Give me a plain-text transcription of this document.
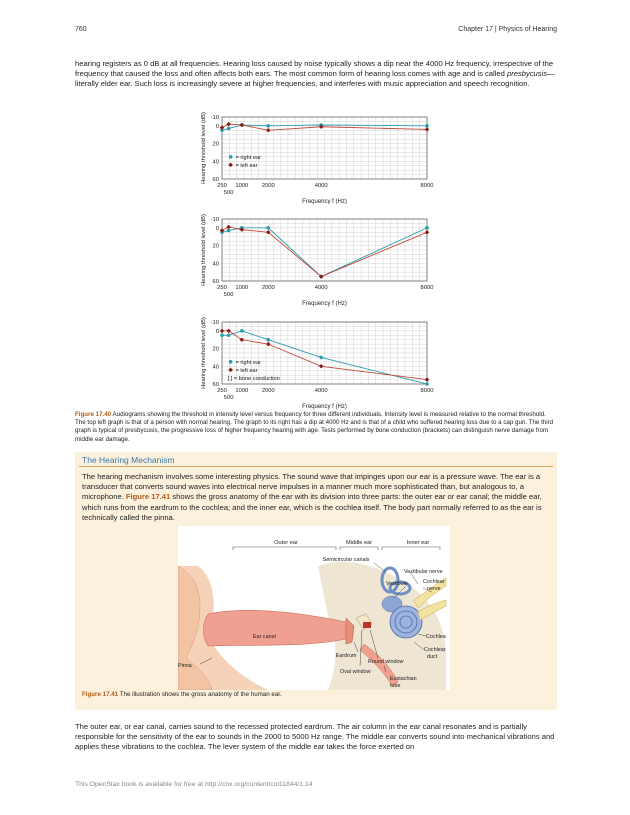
760	Chapter 17 | Physics of Hearing

hearing registers as 0 dB at all frequencies. Hearing loss caused by noise typically shows a dip near the 4000 Hz frequency, irrespective of the frequency that caused the loss and often affects both ears. The most common form of hearing loss comes with age and is called presbycusis—literally elder ear. Such loss is increasingly severe at higher frequencies, and interferes with music appreciation and speech recognition.

-10
0
20
40
60
250
500
1000 2000	4000	8000
Frequency f (Hz)
Hearing threshold level (dB)	= right ear
= left ear
-10
0
20
40
60
250
500
1000 2000	4000	8000
Frequency f (Hz)
Hearing threshold level (dB)
-10
0
20
40
60
250
500
1000 2000	4000	8000
Frequency f (Hz)
Hearing threshold level (dB)	= right ear
= left ear
[ ] = bone conduction
Figure 17.40 Audiograms showing the threshold in intensity level versus frequency for three different individuals. Intensity level is measured relative to the normal threshold. The top left graph is that of a person with normal hearing. The graph to its right has a dip at 4000 Hz and is that of a child who suffered hearing loss due to a cap gun. The third graph is typical of presbycusis, the progressive loss of higher frequency hearing with age. Tests performed by bone conduction (brackets) can distinguish nerve damage from middle ear damage.
The Hearing Mechanism

The hearing mechanism involves some interesting physics. The sound wave that impinges upon our ear is a pressure wave. The ear is a transducer that converts sound waves into electrical nerve impulses in a manner much more sophisticated than, but analogous to, a microphone. Figure 17.41 shows the gross anatomy of the ear with its division into three parts: the outer ear or ear canal; the middle ear, which runs from the eardrum to the cochlea; and the inner ear, which is the cochlea itself. The body part normally referred to as the ear is technically called the pinna.

Outer ear	Middle ear	Inner ear
Semicircular canals
Vestibular nerve
Vestibule	Cochlear
nerve
Ear canal	Cochlea
Cochlear
duct
Eardrum
Round window
Oval window
Pinna
Eustachian
tube
Figure 17.41 The illustration shows the gross anatomy of the human ear.

The outer ear, or ear canal, carries sound to the recessed protected eardrum. The air column in the ear canal resonates and is partially responsible for the sensitivity of the ear to sounds in the 2000 to 5000 Hz range. The middle ear converts sound into mechanical vibrations and applies these vibrations to the cochlea. The lever system of the middle ear takes the force exerted on

This OpenStax book is available for free at http://cnx.org/content/col11844/1.14
